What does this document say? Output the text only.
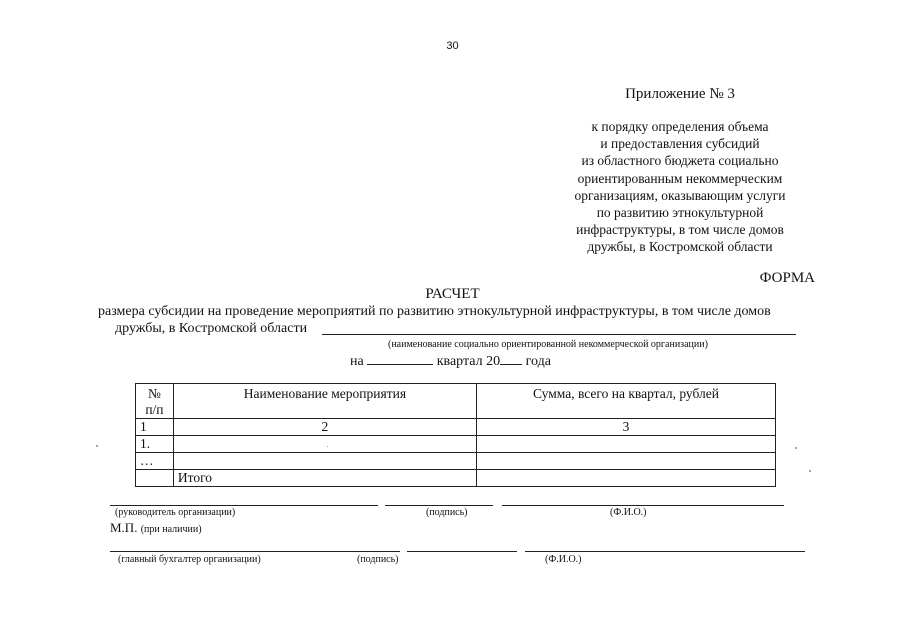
30
Приложение № 3
к порядку определения объема
и предоставления субсидий
из областного бюджета социально
ориентированным некоммерческим
организациям, оказывающим услуги
по развитию этнокультурной
инфраструктуры, в том числе домов
дружбы, в Костромской области
ФОРМА
РАСЧЕТ
размера субсидии на проведение мероприятий по развитию этнокультурной инфраструктуры, в том числе домов
дружбы, в Костромской области
(наименование социально ориентированной некоммерческой организации)
на	квартал 20 года
№ п/п	Наименование мероприятия	Сумма, всего на квартал, рублей
1	2	3
1.		
…		
	Итого	
(руководитель организации)	(подпись)	(Ф.И.О.)
М.П. (при наличии)
(главный бухгалтер организации)	(подпись)	(Ф.И.О.)
